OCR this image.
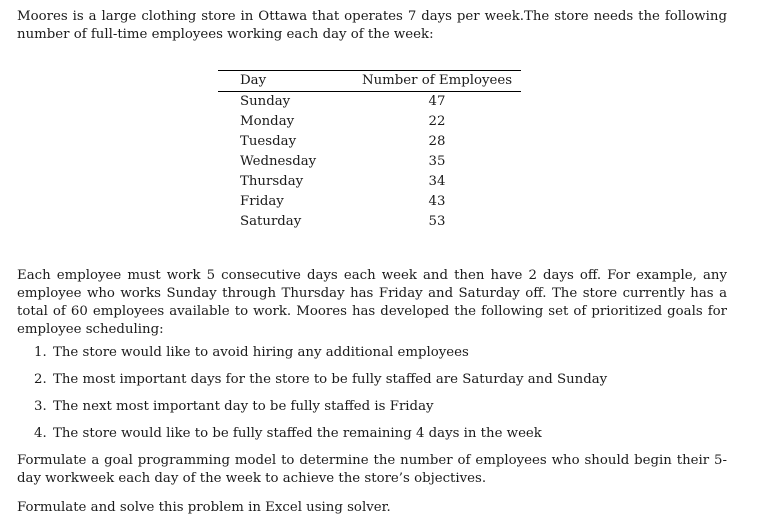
Moores is a large clothing store in Ottawa that operates 7 days per week.The store needs the following number of full-time employees working each day of the week:

Day	Number of Employees
Sunday	47
Monday	22
Tuesday	28
Wednesday	35
Thursday	34
Friday	43
Saturday	53

Each employee must work 5 consecutive days each week and then have 2 days off. For example, any employee who works Sunday through Thursday has Friday and Saturday off. The store currently has a total of 60 employees available to work. Moores has developed the following set of prioritized goals for employee scheduling:

1. The store would like to avoid hiring any additional employees
2. The most important days for the store to be fully staffed are Saturday and Sunday
3. The next most important day to be fully staffed is Friday
4. The store would like to be fully staffed the remaining 4 days in the week

Formulate a goal programming model to determine the number of employees who should begin their 5-day workweek each day of the week to achieve the store’s objectives.

Formulate and solve this problem in Excel using solver.
